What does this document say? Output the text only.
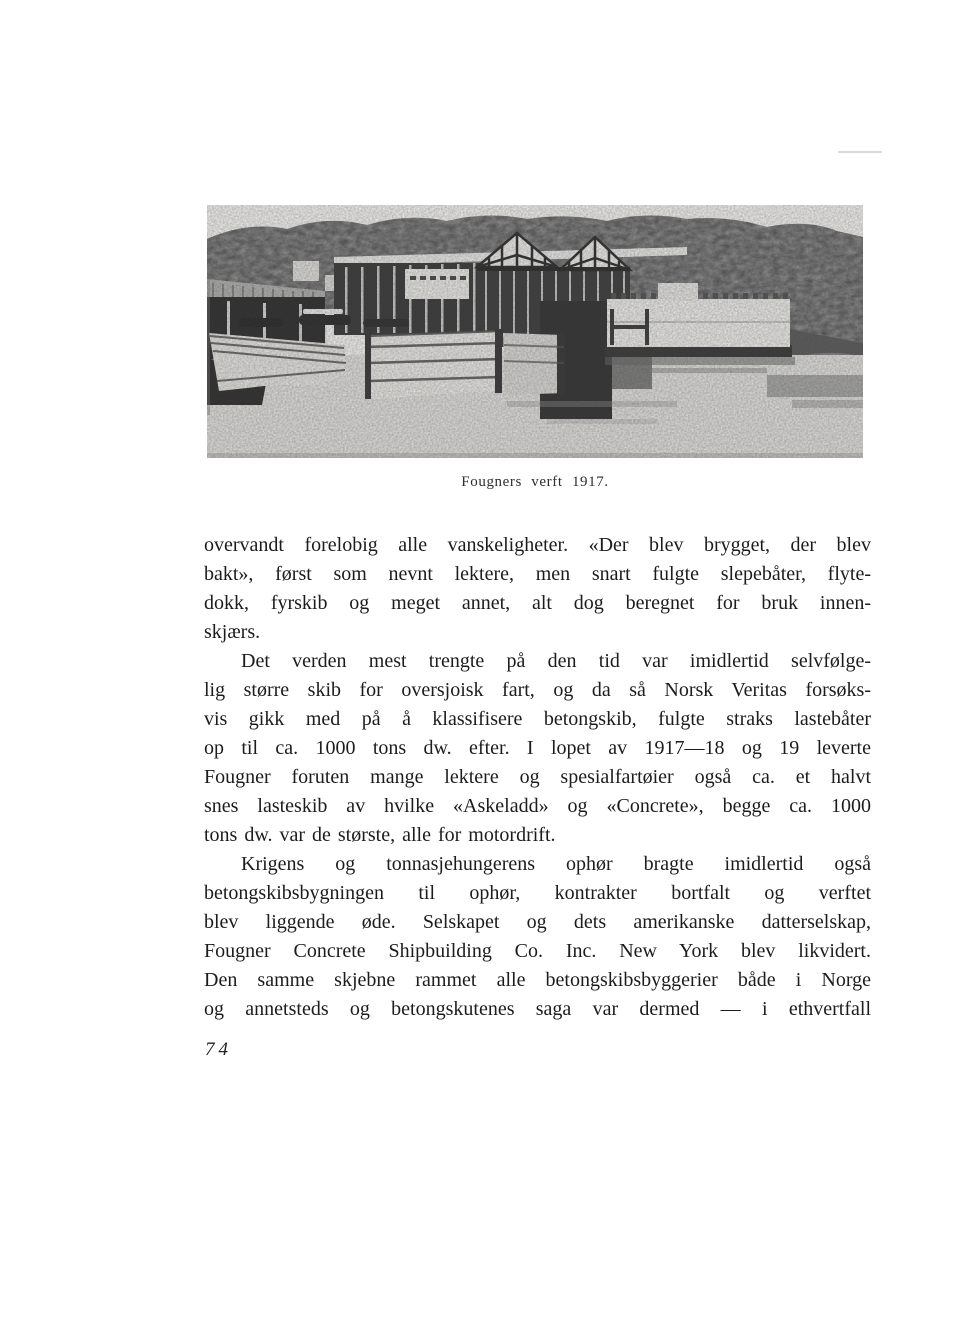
Fougners verft 1917.
overvandt forelobig alle vanskeligheter. «Der blev brygget, der blev
bakt», først som nevnt lektere, men snart fulgte slepebåter, flyte-
dokk, fyrskib og meget annet, alt dog beregnet for bruk innen-
skjærs.
Det verden mest trengte på den tid var imidlertid selvfølge-
lig større skib for oversjoisk fart, og da så Norsk Veritas forsøks-
vis gikk med på å klassifisere betongskib, fulgte straks lastebåter
op til ca. 1000 tons dw. efter. I lopet av 1917—18 og 19 leverte
Fougner foruten mange lektere og spesialfartøier også ca. et halvt
snes lasteskib av hvilke «Askeladd» og «Concrete», begge ca. 1000
tons dw. var de største, alle for motordrift.
Krigens og tonnasjehungerens ophør bragte imidlertid også
betongskibsbygningen til ophør, kontrakter bortfalt og verftet
blev liggende øde. Selskapet og dets amerikanske datterselskap,
Fougner Concrete Shipbuilding Co. Inc. New York blev likvidert.
Den samme skjebne rammet alle betongskibsbyggerier både i Norge
og annetsteds og betongskutenes saga var dermed — i ethvertfall
74
